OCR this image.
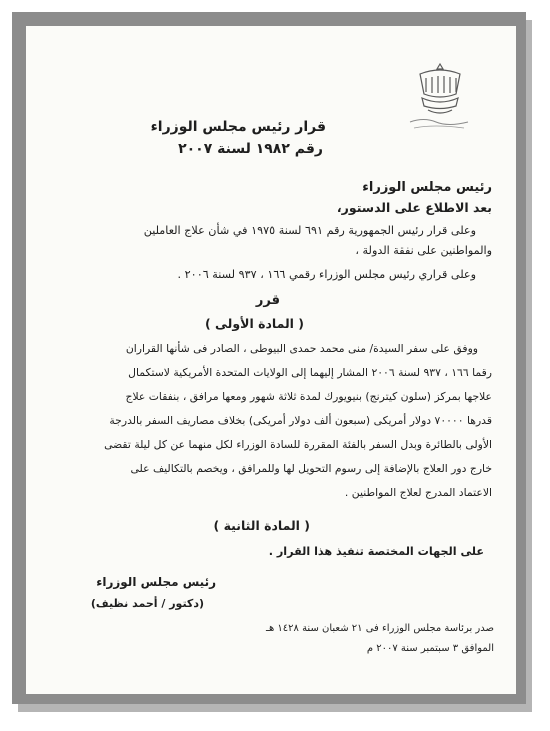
قرار رئيس مجلس الوزراء
رقم ١٩٨٢ لسنة ٢٠٠٧
رئيس مجلس الوزراء
بعد الاطلاع على الدستور،
وعلى قرار رئيس الجمهورية رقم ٦٩١ لسنة ١٩٧٥ في شأن علاج العاملين
والمواطنين على نفقة الدولة ،
وعلى قراري رئيس مجلس الوزراء رقمي ١٦٦ ، ٩٣٧ لسنة ٢٠٠٦ .
قرر
( المادة الأولى )
ووفق على سفر السيدة/ منى محمد حمدى البيوطى ، الصادر فى شأنها القراران
رقما ١٦٦ ، ٩٣٧ لسنة ٢٠٠٦ المشار إليهما إلى الولايات المتحدة الأمريكية لاستكمال
علاجها بمركز (سلون كيترنج) بنيويورك لمدة ثلاثة شهور ومعها مرافق ، بنفقات علاج
قدرها ٧٠٠٠٠ دولار أمريكى (سبعون ألف دولار أمريكى) بخلاف مصاريف السفر بالدرجة
الأولى بالطائرة وبدل السفر بالفئة المقررة للسادة الوزراء لكل منهما عن كل ليلة تقضى
خارج دور العلاج بالإضافة إلى رسوم التحويل لها وللمرافق ، ويخصم بالتكاليف على
الاعتماد المدرج لعلاج المواطنين .
( المادة الثانية )
على الجهات المختصة تنفيذ هذا القرار .
رئيس مجلس الوزراء
(دكتور / أحمد نظيف)
صدر برئاسة مجلس الوزراء فى ٢١ شعبان سنة ١٤٢٨ هـ
الموافق ٣ سبتمبر سنة ٢٠٠٧ م
